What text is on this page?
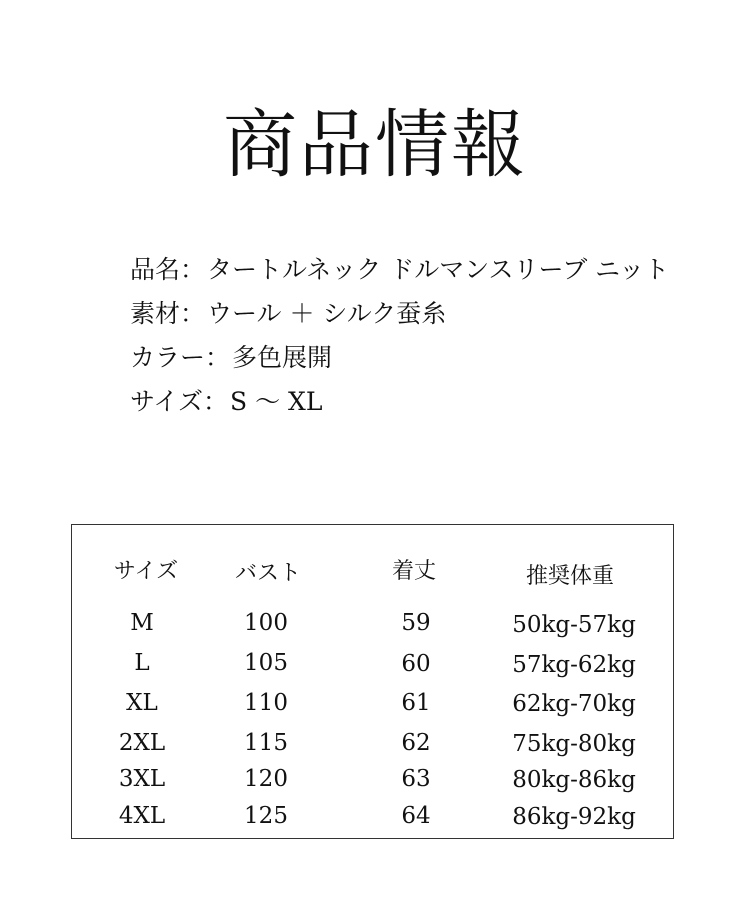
商品情報
品名 ： タートルネック ドルマンスリーブ ニット
素材 ： ウール ＋ シルク蚕糸
カラー ： 多色展開
サイズ ： S 〜 XL
サイズ	バスト	着丈	推奨体重
M	100	59	50kg-57kg
L	105	60	57kg-62kg
XL	110	61	62kg-70kg
2XL	115	62	75kg-80kg
3XL	120	63	80kg-86kg
4XL	125	64	86kg-92kg
